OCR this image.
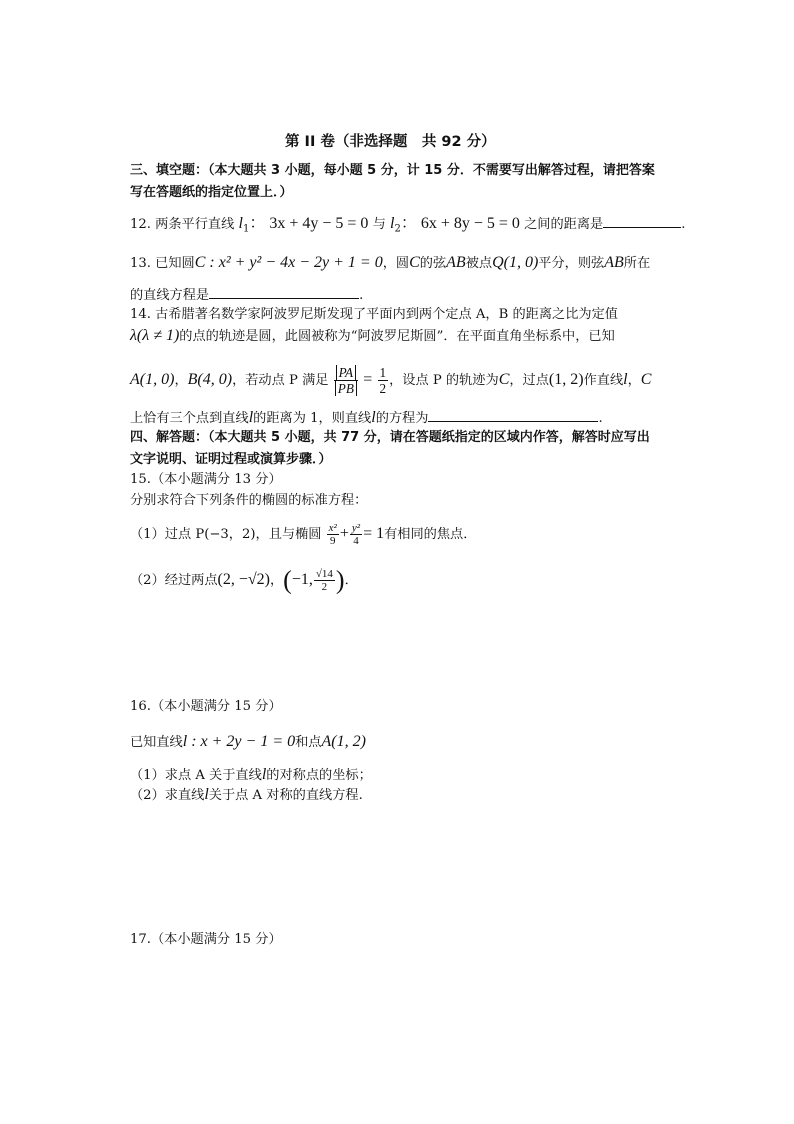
第 II 卷（非选择题　共 92 分）
三、填空题：（本大题共 3 小题，每小题 5 分，计 15 分．不需要写出解答过程，请把答案
写在答题纸的指定位置上．）
12. 两条平行直线 $l_1$： 3x + 4y − 5 = 0 与 $l_2$： 6x + 8y − 5 = 0 之间的距离是	.
13. 已知圆C : x² + y² − 4x − 2y + 1 = 0，圆C的弦AB被点Q(1, 0)平分，则弦AB所在
的直线方程是	.
14. 古希腊著名数学家阿波罗尼斯发现了平面内到两个定点 A，B 的距离之比为定值
λ(λ ≠ 1)的点的轨迹是圆，此圆被称为“阿波罗尼斯圆”．在平面直角坐标系中，已知
A(1, 0)，B(4, 0)，若动点 P 满足 $\frac{PA}{PB} = \frac{1}{2}$ ，设点 P 的轨迹为C，过点(1, 2)作直线l，C
上恰有三个点到直线l的距离为 1，则直线l的方程为	.
四、解答题：（本大题共 5 小题，共 77 分，请在答题纸指定的区域内作答，解答时应写出
文字说明、证明过程或演算步骤．）
15.（本小题满分 13 分）
分别求符合下列条件的椭圆的标准方程：
（1）过点 P(−3，2)，且与椭圆 $\frac{\text{x²}}{9} + \frac{\text{y²}}{4} = 1$有相同的焦点．
（2）经过两点(2, −√2)，(−1, $\frac{√14}{2}$ )．
16.（本小题满分 15 分）
已知直线l : x + 2y − 1 = 0和点A(1, 2)
（1）求点 A 关于直线l的对称点的坐标；
（2）求直线l关于点 A 对称的直线方程.
17.（本小题满分 15 分）
